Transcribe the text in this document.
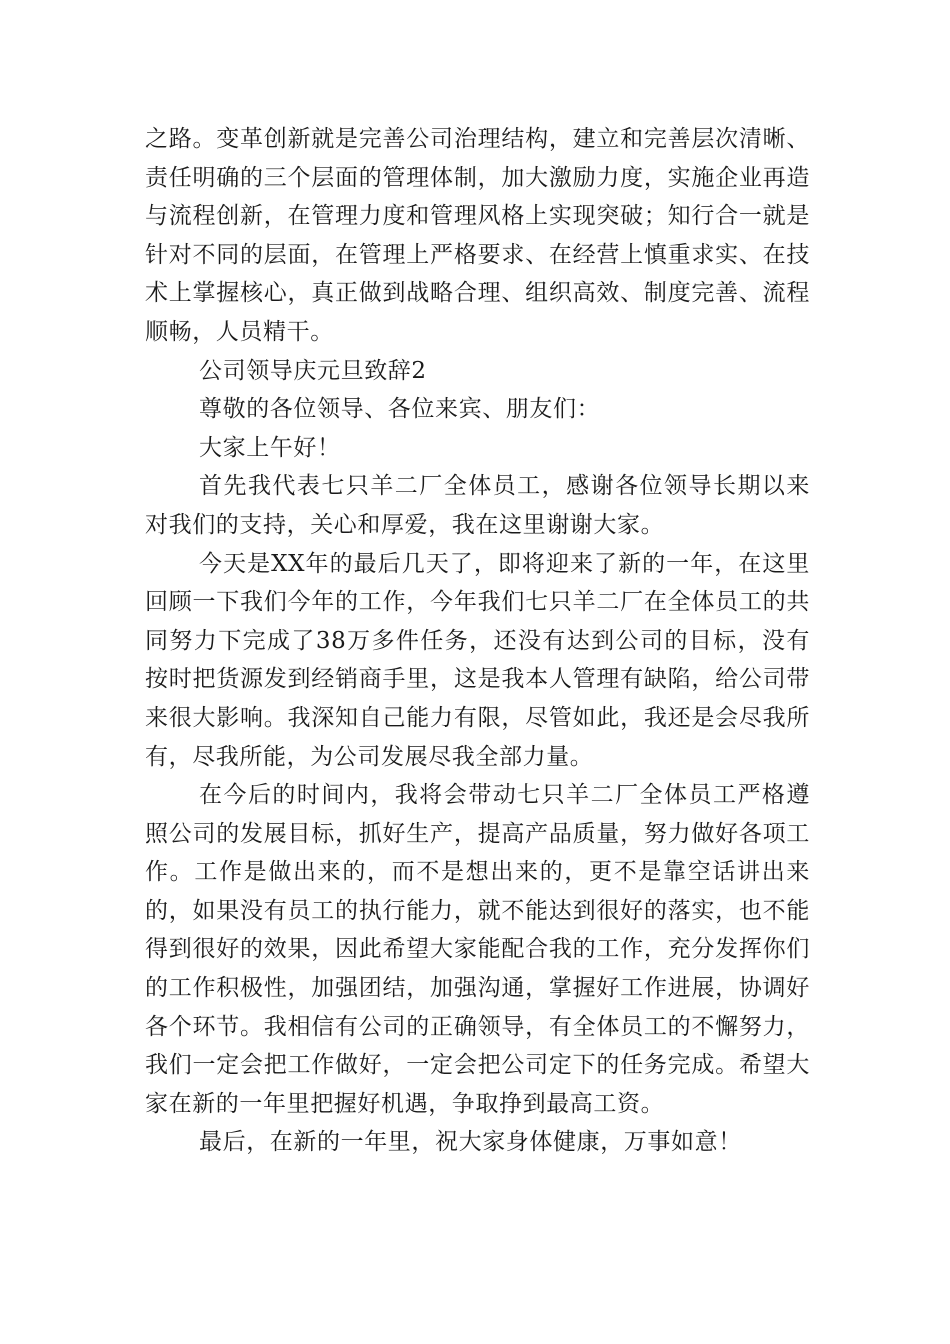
之路。变革创新就是完善公司治理结构，建立和完善层次清晰、责任明确的三个层面的管理体制，加大激励力度，实施企业再造与流程创新，在管理力度和管理风格上实现突破；知行合一就是针对不同的层面，在管理上严格要求、在经营上慎重求实、在技术上掌握核心，真正做到战略合理、组织高效、制度完善、流程顺畅，人员精干。

公司领导庆元旦致辞2

尊敬的各位领导、各位来宾、朋友们：

大家上午好！

首先我代表七只羊二厂全体员工，感谢各位领导长期以来对我们的支持，关心和厚爱，我在这里谢谢大家。

今天是XX年的最后几天了，即将迎来了新的一年，在这里回顾一下我们今年的工作，今年我们七只羊二厂在全体员工的共同努力下完成了38万多件任务，还没有达到公司的目标，没有按时把货源发到经销商手里，这是我本人管理有缺陷，给公司带来很大影响。我深知自己能力有限，尽管如此，我还是会尽我所有，尽我所能，为公司发展尽我全部力量。

在今后的时间内，我将会带动七只羊二厂全体员工严格遵照公司的发展目标，抓好生产，提高产品质量，努力做好各项工作。工作是做出来的，而不是想出来的，更不是靠空话讲出来的，如果没有员工的执行能力，就不能达到很好的落实，也不能得到很好的效果，因此希望大家能配合我的工作，充分发挥你们的工作积极性，加强团结，加强沟通，掌握好工作进展，协调好各个环节。我相信有公司的正确领导，有全体员工的不懈努力，我们一定会把工作做好，一定会把公司定下的任务完成。希望大家在新的一年里把握好机遇，争取挣到最高工资。

最后，在新的一年里，祝大家身体健康，万事如意！
